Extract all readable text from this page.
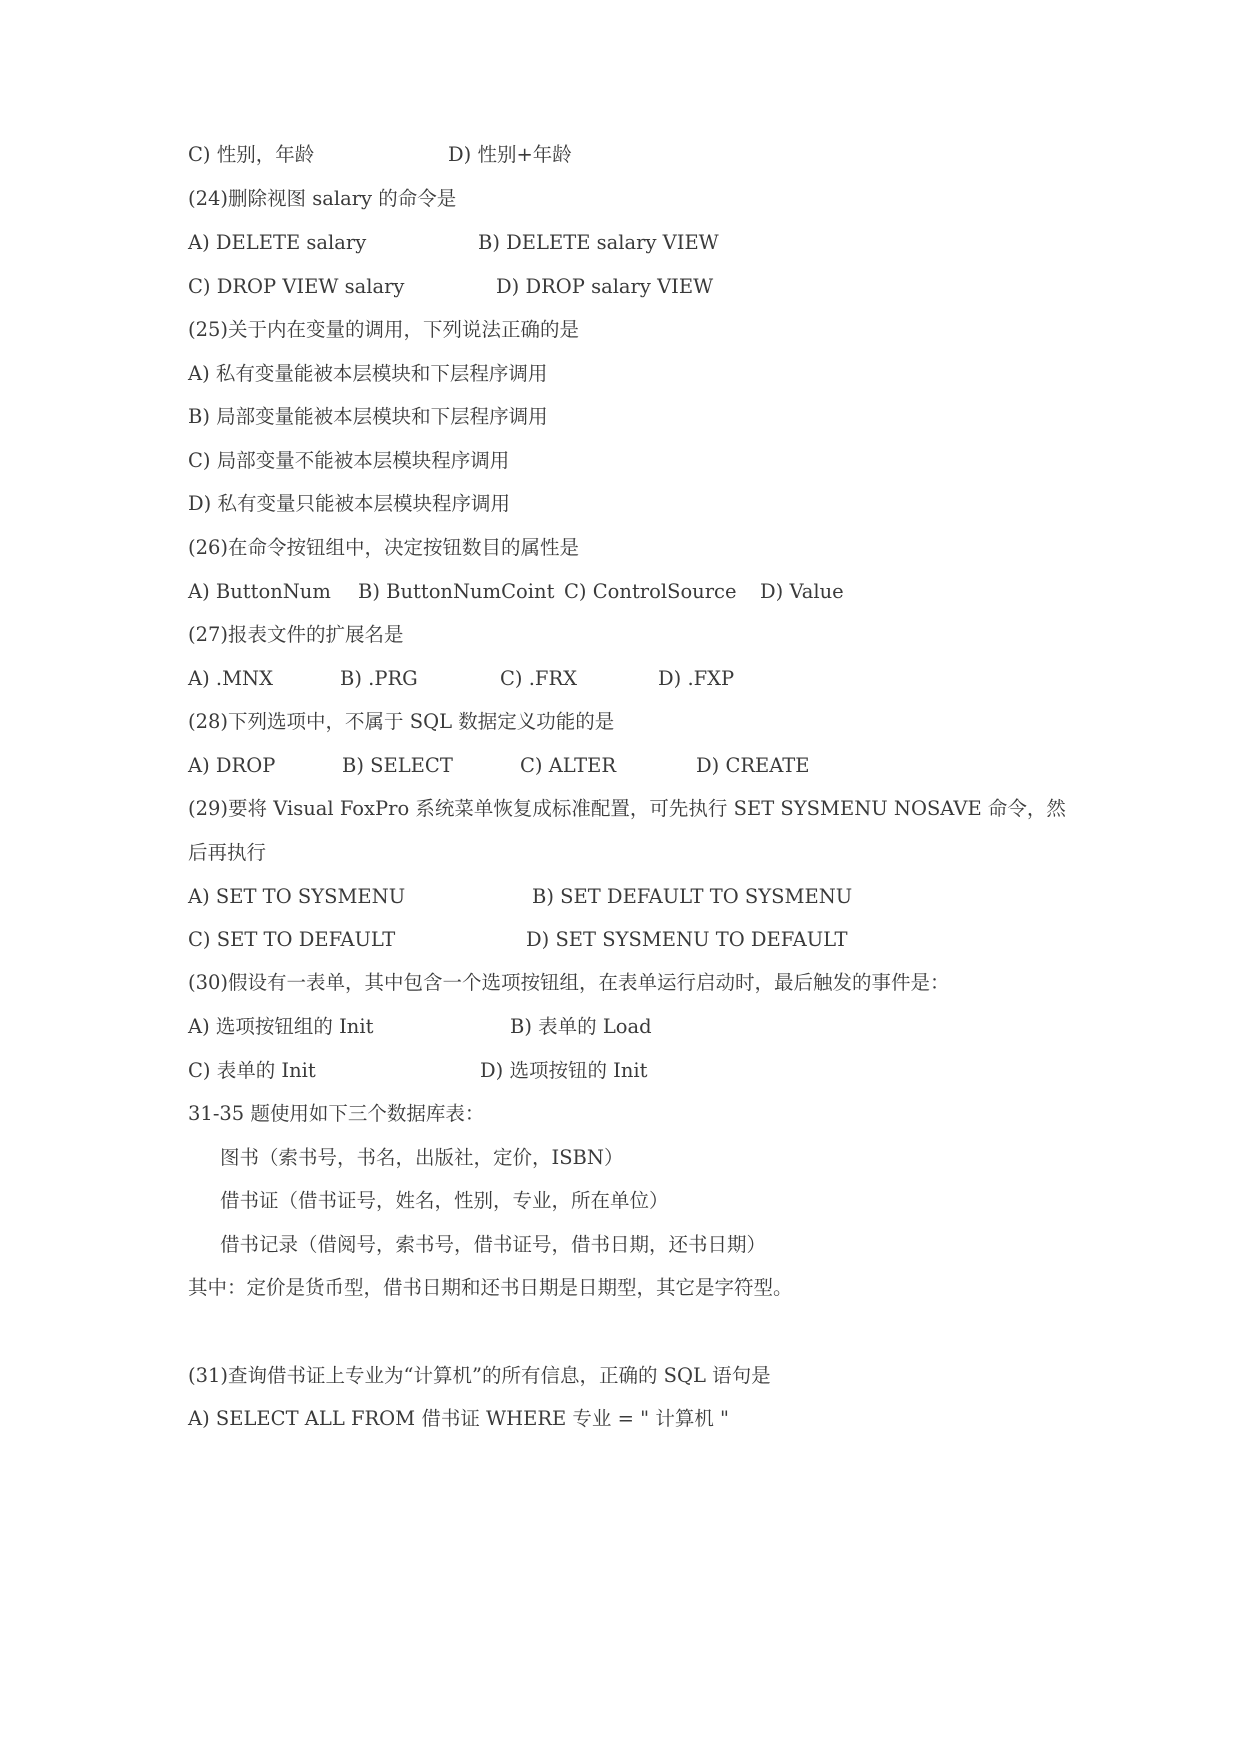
C) 性别，年龄	D) 性别+年龄
(24)删除视图 salary 的命令是
A) DELETE salary	B) DELETE salary VIEW
C) DROP VIEW salary	D) DROP salary VIEW
(25)关于内在变量的调用，下列说法正确的是
A) 私有变量能被本层模块和下层程序调用
B) 局部变量能被本层模块和下层程序调用
C) 局部变量不能被本层模块程序调用
D) 私有变量只能被本层模块程序调用
(26)在命令按钮组中，决定按钮数目的属性是
A) ButtonNum B) ButtonNumCoint C) ControlSource D) Value
(27)报表文件的扩展名是
A) .MNX	B) .PRG	C) .FRX	D) .FXP
(28)下列选项中，不属于 SQL 数据定义功能的是
A) DROP	B) SELECT	C) ALTER	D) CREATE
(29)要将 Visual FoxPro 系统菜单恢复成标准配置，可先执行 SET SYSMENU NOSAVE 命令，然
后再执行
A) SET TO SYSMENU	B) SET DEFAULT TO SYSMENU
C) SET TO DEFAULT	D) SET SYSMENU TO DEFAULT
(30)假设有一表单，其中包含一个选项按钮组，在表单运行启动时，最后触发的事件是：
A) 选项按钮组的 Init	B) 表单的 Load
C) 表单的 Init	D) 选项按钮的 Init
31-35 题使用如下三个数据库表：
图书（索书号，书名，出版社，定价，ISBN）
借书证（借书证号，姓名，性别，专业，所在单位）
借书记录（借阅号，索书号，借书证号，借书日期，还书日期）
其中：定价是货币型，借书日期和还书日期是日期型，其它是字符型。
(31)查询借书证上专业为“计算机”的所有信息，正确的 SQL 语句是
A) SELECT ALL FROM 借书证 WHERE 专业 = " 计算机 "
